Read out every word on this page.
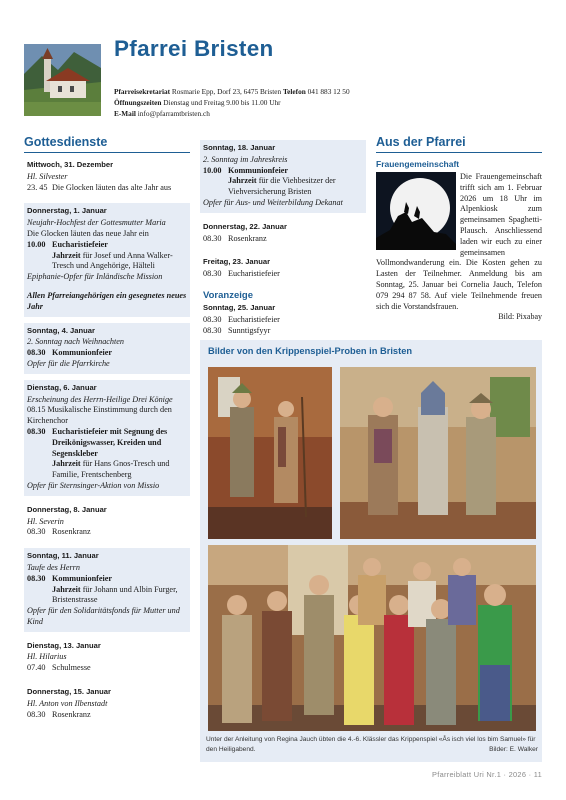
Pfarrei Bristen
Pfarreisekretariat Rosmarie Epp, Dorf 23, 6475 Bristen Telefon 041 883 12 50
Öffnungszeiten Dienstag und Freitag 9.00 bis 11.00 Uhr
E-Mail info@pfarramtbristen.ch
Gottesdienste
Mittwoch, 31. Dezember
Hl. Silvester
23. 45 Die Glocken läuten das alte Jahr aus
Donnerstag, 1. Januar
Neujahr-Hochfest der Gottesmutter Maria
Die Glocken läuten das neue Jahr ein
10.00 Eucharistiefeier
Jahrzeit für Josef und Anna Walker-Tresch und Angehörige, Hälteli
Epiphanie-Opfer für Inländische Mission
Allen Pfarreiangehörigen ein gesegnetes neues Jahr
Sonntag, 4. Januar
2. Sonntag nach Weihnachten
08.30 Kommunionfeier
Opfer für die Pfarrkirche
Dienstag, 6. Januar
Erscheinung des Herrn-Heilige Drei Könige
08.15 Musikalische Einstimmung durch den Kirchenchor
08.30 Eucharistiefeier mit Segnung des Dreikönigswasser, Kreiden und Segenskleber
Jahrzeit für Hans Gnos-Tresch und Familie, Frentschenberg
Opfer für Sternsinger-Aktion von Missio
Donnerstag, 8. Januar
Hl. Severin
08.30 Rosenkranz
Sonntag, 11. Januar
Taufe des Herrn
08.30 Kommunionfeier
Jahrzeit für Johann und Albin Furger, Bristenstrasse
Opfer für den Solidaritätsfonds für Mutter und Kind
Dienstag, 13. Januar
Hl. Hilarius
07.40 Schulmesse
Donnerstag, 15. Januar
Hl. Anton von Ilbenstadt
08.30 Rosenkranz
Sonntag, 18. Januar
2. Sonntag im Jahreskreis
10.00 Kommunionfeier
Jahrzeit für die Viehbesitzer der Viehversicherung Bristen
Opfer für Aus- und Weiterbildung Dekanat
Donnerstag, 22. Januar
08.30 Rosenkranz
Freitag, 23. Januar
08.30 Eucharistiefeier
Voranzeige
Sonntag, 25. Januar
08.30 Eucharistiefeier
08.30 Sunntigsfyyr
Aus der Pfarrei
Frauengemeinschaft
Die Frauengemeinschaft trifft sich am 1. Februar 2026 um 18 Uhr im Alpenkiosk zum gemeinsamen Spaghetti-Plausch. Anschliessend laden wir euch zu einer gemeinsamen Vollmondwanderung ein. Die Kosten gehen zu Lasten der Teilnehmer. Anmeldung bis am Sonntag, 25. Januar bei Cornelia Jauch, Telefon 079 294 87 58. Auf viele Teilnehmende freuen sich die Vorstandsfrauen.
Bild: Pixabay
Bilder von den Krippenspiel-Proben in Bristen
Unter der Anleitung von Regina Jauch übten die 4.-6. Klässler das Krippenspiel «Ås isch viel los bim Samuel» für den Heiligabend.	Bilder: E. Walker
Pfarreiblatt Uri Nr.1 · 2026 · 11
